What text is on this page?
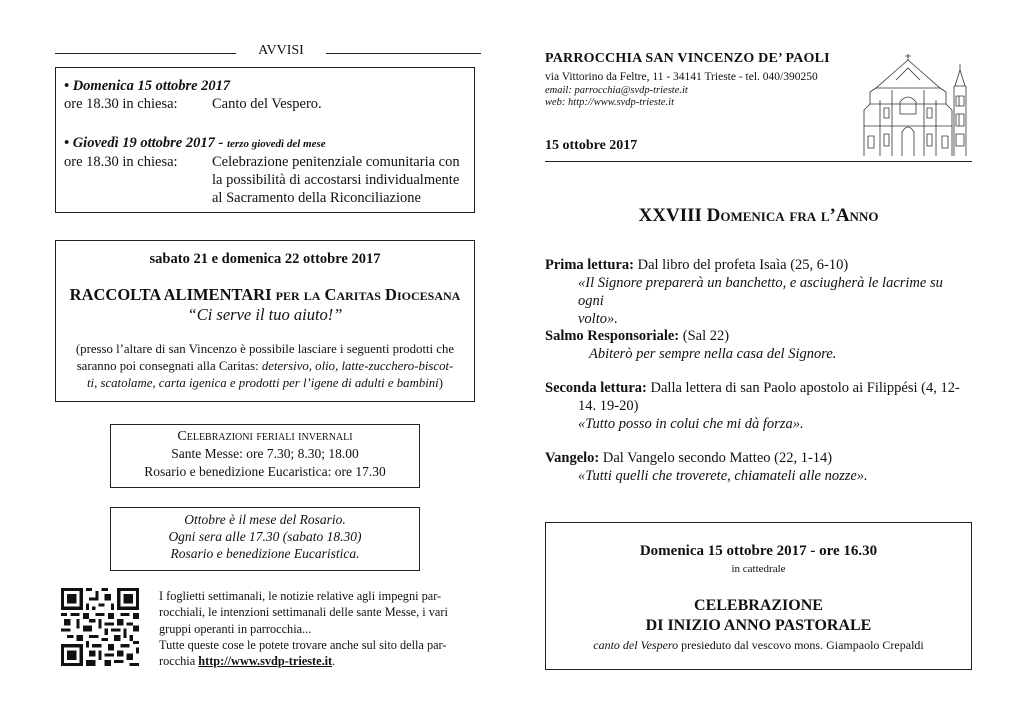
AVVISI
• Domenica 15 ottobre 2017
ore 18.30 in chiesa: Canto del Vespero.
• Giovedì 19 ottobre 2017 - terzo giovedì del mese
ore 18.30 in chiesa: Celebrazione penitenziale comunitaria con
la possibilità di accostarsi individualmente
al Sacramento della Riconciliazione
sabato 21 e domenica 22 ottobre 2017
RACCOLTA ALIMENTARI per la Caritas Diocesana
“Ci serve il tuo aiuto!”
(presso l’altare di san Vincenzo è possibile lasciare i seguenti prodotti che
saranno poi consegnati alla Caritas: detersivo, olio, latte-zucchero-biscot-
ti, scatolame, carta igenica e prodotti per l’igene di adulti e bambini)
Celebrazioni feriali invernali
Sante Messe: ore 7.30; 8.30; 18.00
Rosario e benedizione Eucaristica: ore 17.30
Ottobre è il mese del Rosario.
Ogni sera alle 17.30 (sabato 18.30)
Rosario e benedizione Eucaristica.
I foglietti settimanali, le notizie relative agli impegni par-
rocchiali, le intenzioni settimanali delle sante Messe, i vari
gruppi operanti in parrocchia...
Tutte queste cose le potete trovare anche sul sito della par-
rocchia http://www.svdp-trieste.it.
PARROCCHIA SAN VINCENZO DE’ PAOLI
via Vittorino da Feltre, 11 - 34141 Trieste - tel. 040/390250
email: parrocchia@svdp-trieste.it
web: http://www.svdp-trieste.it
15 ottobre 2017
XXVIII Domenica fra l’Anno
Prima lettura: Dal libro del profeta Isaìa (25, 6-10)
«Il Signore preparerà un banchetto, e asciugherà le lacrime su ogni
volto».
Salmo Responsoriale: (Sal 22)
Abiterò per sempre nella casa del Signore.
Seconda lettura: Dalla lettera di san Paolo apostolo ai Filippési (4, 12-
14. 19-20)
«Tutto posso in colui che mi dà forza».
Vangelo: Dal Vangelo secondo Matteo (22, 1-14)
«Tutti quelli che troverete, chiamateli alle nozze».
Domenica 15 ottobre 2017 - ore 16.30
in cattedrale
CELEBRAZIONE
DI INIZIO ANNO PASTORALE
canto del Vespero presieduto dal vescovo mons. Giampaolo Crepaldi
